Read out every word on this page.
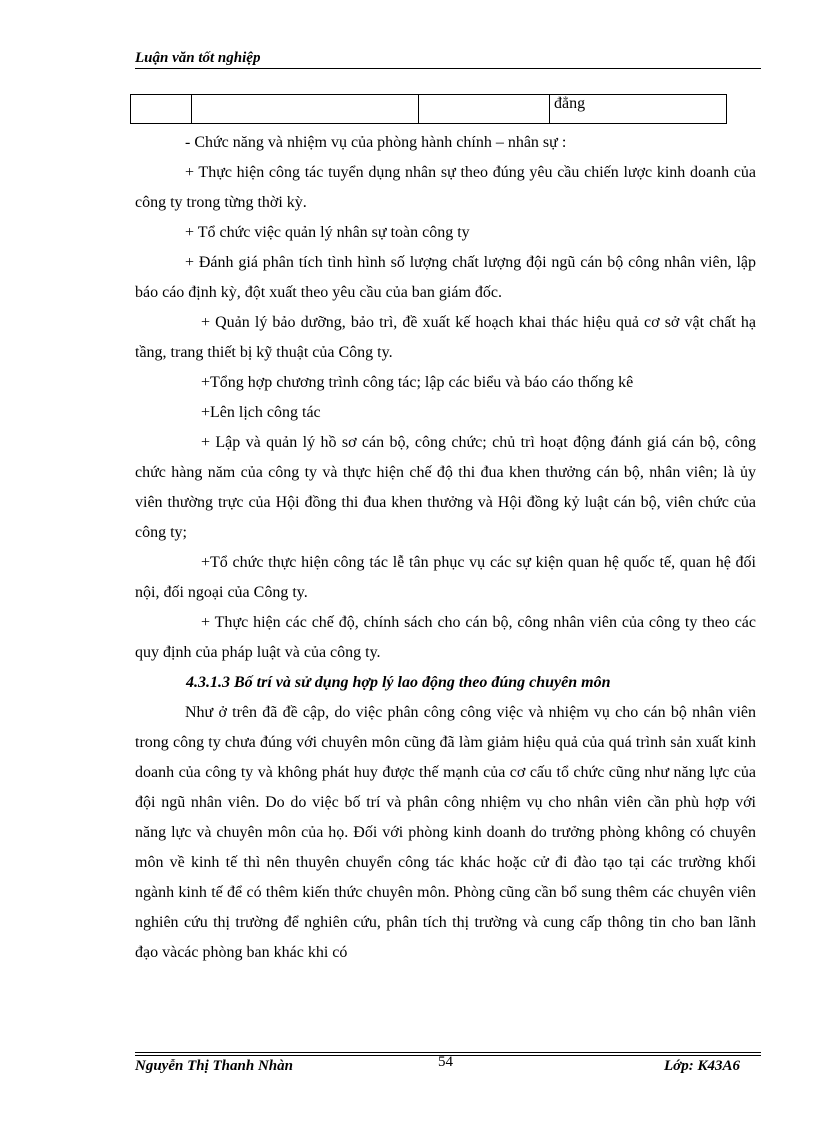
Luận văn tốt nghiệp
			đẳng

- Chức năng và nhiệm vụ của phòng hành chính – nhân sự :

+ Thực hiện công tác tuyển dụng nhân sự theo đúng yêu cầu chiến lược kinh doanh của công ty trong từng thời kỳ.

+ Tổ chức việc quản lý nhân sự toàn công ty

+ Đánh giá phân tích tình hình số lượng chất lượng đội ngũ cán bộ công nhân viên, lập báo cáo định kỳ, đột xuất theo yêu cầu của ban giám đốc.

+ Quản lý bảo dưỡng, bảo trì, đề xuất kế hoạch khai thác hiệu quả cơ sở vật chất hạ tầng, trang thiết bị kỹ thuật của Công ty.

+Tổng hợp chương trình công tác; lập các biểu và báo cáo thống kê

+Lên lịch công tác

+ Lập và quản lý hồ sơ cán bộ, công chức; chủ trì hoạt động đánh giá cán bộ, công chức hàng năm của công ty và thực hiện chế độ thi đua khen thưởng cán bộ, nhân viên; là ủy viên thường trực của Hội đồng thi đua khen thưởng và Hội đồng kỷ luật cán bộ, viên chức của công ty;

+Tổ chức thực hiện công tác lễ tân phục vụ các sự kiện quan hệ quốc tế, quan hệ đối nội, đối ngoại của Công ty.

+ Thực hiện các chế độ, chính sách cho cán bộ, công nhân viên của công ty theo các quy định của pháp luật và của công ty.

4.3.1.3 Bố trí và sử dụng hợp lý lao động theo đúng chuyên môn

Như ở trên đã đề cập, do việc phân công công việc và nhiệm vụ cho cán bộ nhân viên trong công ty chưa đúng với chuyên môn cũng đã làm giảm hiệu quả của quá trình sản xuất kinh doanh của công ty và không phát huy được thế mạnh của cơ cấu tổ chức cũng như năng lực của đội ngũ nhân viên. Do do việc bố trí và phân công nhiệm vụ cho nhân viên cần phù hợp với năng lực và chuyên môn của họ. Đối với phòng kinh doanh do trưởng phòng không có chuyên môn về kinh tế thì nên thuyên chuyển công tác khác hoặc cử đi đào tạo tại các trường khối ngành kinh tế để có thêm kiến thức chuyên môn. Phòng cũng cần bổ sung thêm các chuyên viên nghiên cứu thị trường để nghiên cứu, phân tích thị trường và cung cấp thông tin cho ban lãnh đạo vàcác phòng ban khác khi có

Nguyễn Thị Thanh Nhàn	54	Lớp: K43A6
